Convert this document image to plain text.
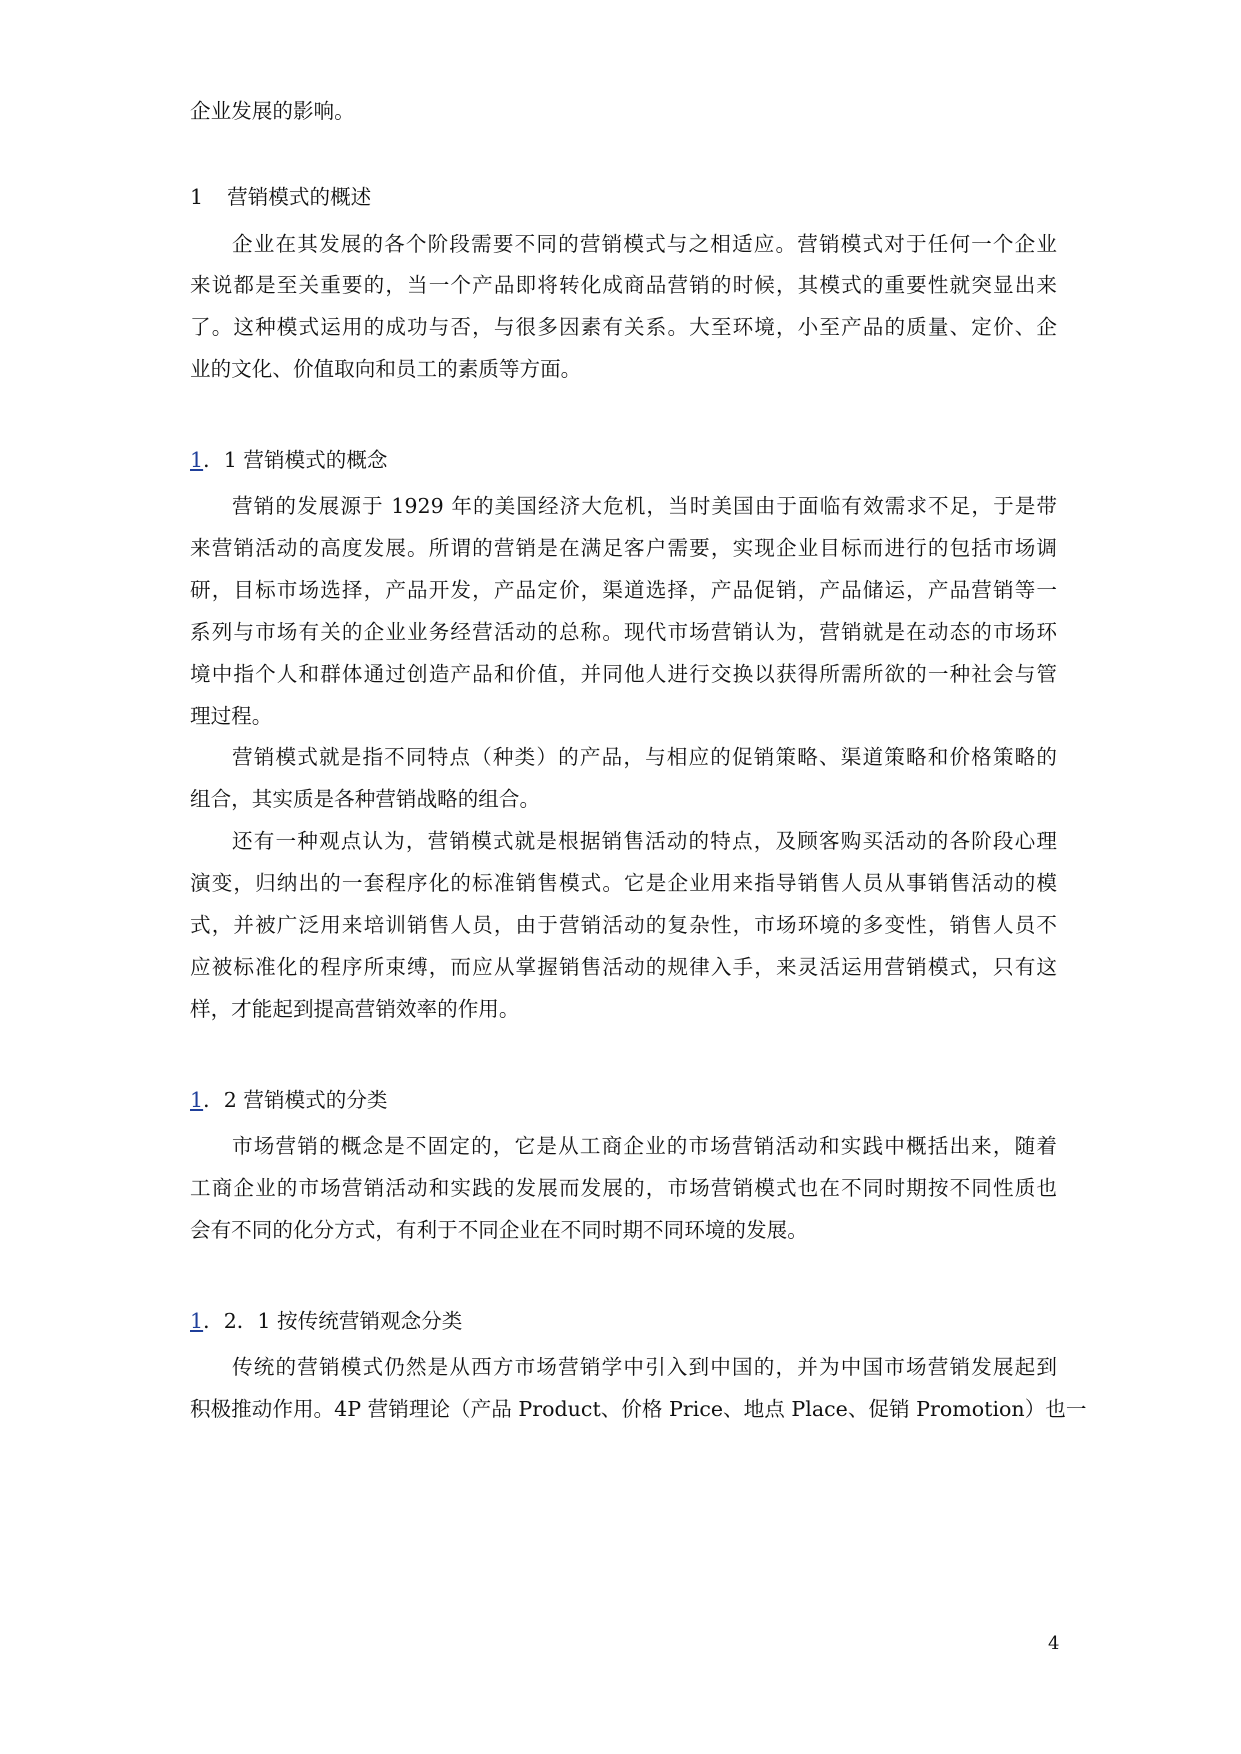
企业发展的影响。
1 营销模式的概述
企业在其发展的各个阶段需要不同的营销模式与之相适应。营销模式对于任何一个企业
来说都是至关重要的，当一个产品即将转化成商品营销的时候，其模式的重要性就突显出来
了。这种模式运用的成功与否，与很多因素有关系。大至环境，小至产品的质量、定价、企
业的文化、价值取向和员工的素质等方面。
1．1 营销模式的概念
营销的发展源于 1929 年的美国经济大危机，当时美国由于面临有效需求不足，于是带
来营销活动的高度发展。所谓的营销是在满足客户需要，实现企业目标而进行的包括市场调
研，目标市场选择，产品开发，产品定价，渠道选择，产品促销，产品储运，产品营销等一
系列与市场有关的企业业务经营活动的总称。现代市场营销认为，营销就是在动态的市场环
境中指个人和群体通过创造产品和价值，并同他人进行交换以获得所需所欲的一种社会与管
理过程。
营销模式就是指不同特点（种类）的产品，与相应的促销策略、渠道策略和价格策略的
组合，其实质是各种营销战略的组合。
还有一种观点认为，营销模式就是根据销售活动的特点，及顾客购买活动的各阶段心理
演变，归纳出的一套程序化的标准销售模式。它是企业用来指导销售人员从事销售活动的模
式，并被广泛用来培训销售人员，由于营销活动的复杂性，市场环境的多变性，销售人员不
应被标准化的程序所束缚，而应从掌握销售活动的规律入手，来灵活运用营销模式，只有这
样，才能起到提高营销效率的作用。
1．2 营销模式的分类
市场营销的概念是不固定的，它是从工商企业的市场营销活动和实践中概括出来，随着
工商企业的市场营销活动和实践的发展而发展的，市场营销模式也在不同时期按不同性质也
会有不同的化分方式，有利于不同企业在不同时期不同环境的发展。
1．2．1 按传统营销观念分类
传统的营销模式仍然是从西方市场营销学中引入到中国的，并为中国市场营销发展起到
积极推动作用。4P 营销理论（产品 Product、价格 Price、地点 Place、促销 Promotion）也一
4
